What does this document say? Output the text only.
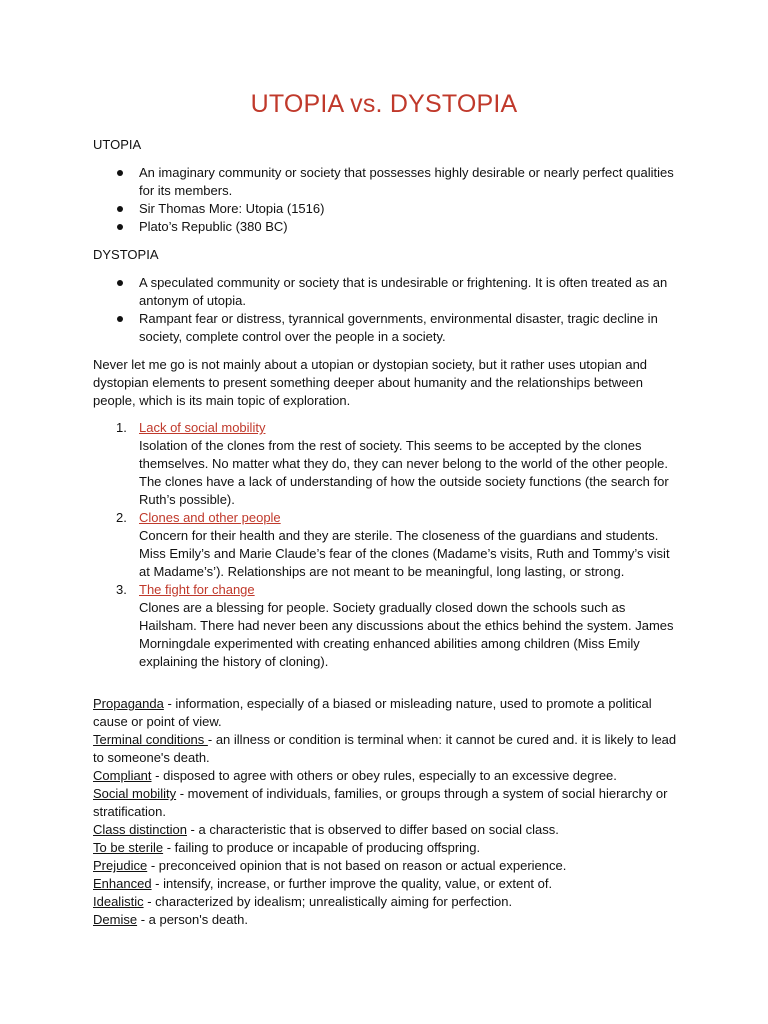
UTOPIA vs. DYSTOPIA
UTOPIA
An imaginary community or society that possesses highly desirable or nearly perfect qualities for its members.
Sir Thomas More: Utopia (1516)
Plato’s Republic (380 BC)
DYSTOPIA
A speculated community or society that is undesirable or frightening. It is often treated as an antonym of utopia.
Rampant fear or distress, tyrannical governments, environmental disaster, tragic decline in society, complete control over the people in a society.
Never let me go is not mainly about a utopian or dystopian society, but it rather uses utopian and dystopian elements to present something deeper about humanity and the relationships between people, which is its main topic of exploration.
1. Lack of social mobility
Isolation of the clones from the rest of society. This seems to be accepted by the clones themselves. No matter what they do, they can never belong to the world of the other people. The clones have a lack of understanding of how the outside society functions (the search for Ruth’s possible).
2. Clones and other people
Concern for their health and they are sterile. The closeness of the guardians and students. Miss Emily’s and Marie Claude’s fear of the clones (Madame’s visits, Ruth and Tommy’s visit at Madame’s’). Relationships are not meant to be meaningful, long lasting, or strong.
3. The fight for change
Clones are a blessing for people. Society gradually closed down the schools such as Hailsham. There had never been any discussions about the ethics behind the system. James Morningdale experimented with creating enhanced abilities among children (Miss Emily explaining the history of cloning).
Propaganda - information, especially of a biased or misleading nature, used to promote a political cause or point of view.
Terminal conditions - an illness or condition is terminal when: it cannot be cured and. it is likely to lead to someone's death.
Compliant - disposed to agree with others or obey rules, especially to an excessive degree.
Social mobility - movement of individuals, families, or groups through a system of social hierarchy or stratification.
Class distinction - a characteristic that is observed to differ based on social class.
To be sterile - failing to produce or incapable of producing offspring.
Prejudice - preconceived opinion that is not based on reason or actual experience.
Enhanced - intensify, increase, or further improve the quality, value, or extent of.
Idealistic - characterized by idealism; unrealistically aiming for perfection.
Demise - a person's death.
